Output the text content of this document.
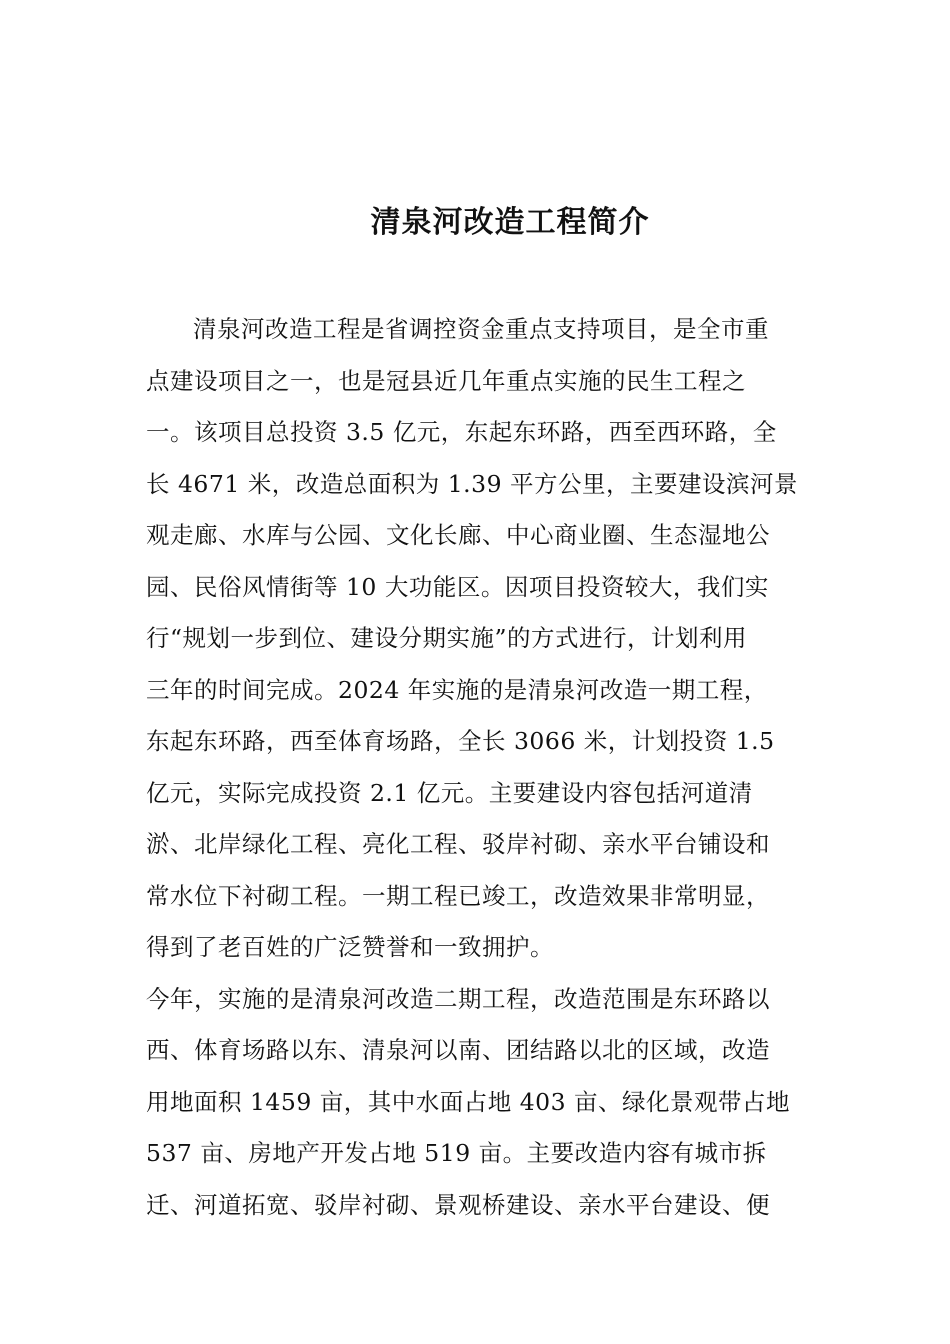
清泉河改造工程简介
清泉河改造工程是省调控资金重点支持项目，是全市重
点建设项目之一，也是冠县近几年重点实施的民生工程之
一。该项目总投资 3.5 亿元，东起东环路，西至西环路，全
长 4671 米，改造总面积为 1.39 平方公里，主要建设滨河景
观走廊、水库与公园、文化长廊、中心商业圈、生态湿地公
园、民俗风情街等 10 大功能区。因项目投资较大，我们实
行“规划一步到位、建设分期实施”的方式进行，计划利用
三年的时间完成。2024 年实施的是清泉河改造一期工程，
东起东环路，西至体育场路，全长 3066 米，计划投资 1.5
亿元，实际完成投资 2.1 亿元。主要建设内容包括河道清
淤、北岸绿化工程、亮化工程、驳岸衬砌、亲水平台铺设和
常水位下衬砌工程。一期工程已竣工，改造效果非常明显，
得到了老百姓的广泛赞誉和一致拥护。
今年，实施的是清泉河改造二期工程，改造范围是东环路以
西、体育场路以东、清泉河以南、团结路以北的区域，改造
用地面积 1459 亩，其中水面占地 403 亩、绿化景观带占地
537 亩、房地产开发占地 519 亩。主要改造内容有城市拆
迁、河道拓宽、驳岸衬砌、景观桥建设、亲水平台建设、便
